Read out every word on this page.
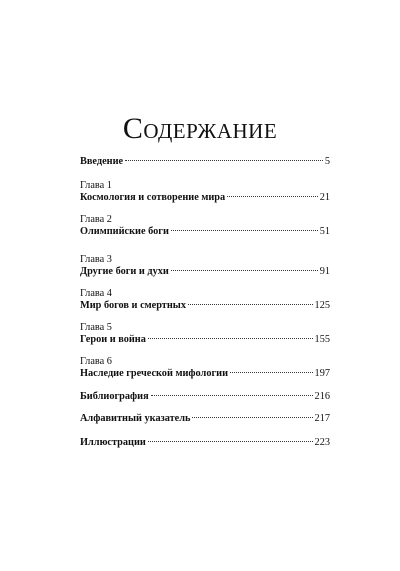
Содержание
Введение	5
Глава 1
Космология и сотворение мира	21
Глава 2
Олимпийские боги	51
Глава 3
Другие боги и духи	91
Глава 4
Мир богов и смертных	125
Глава 5
Герои и война	155
Глава 6
Наследие греческой мифологии	197
Библиография	216
Алфавитный указатель	217
Иллюстрации	223
